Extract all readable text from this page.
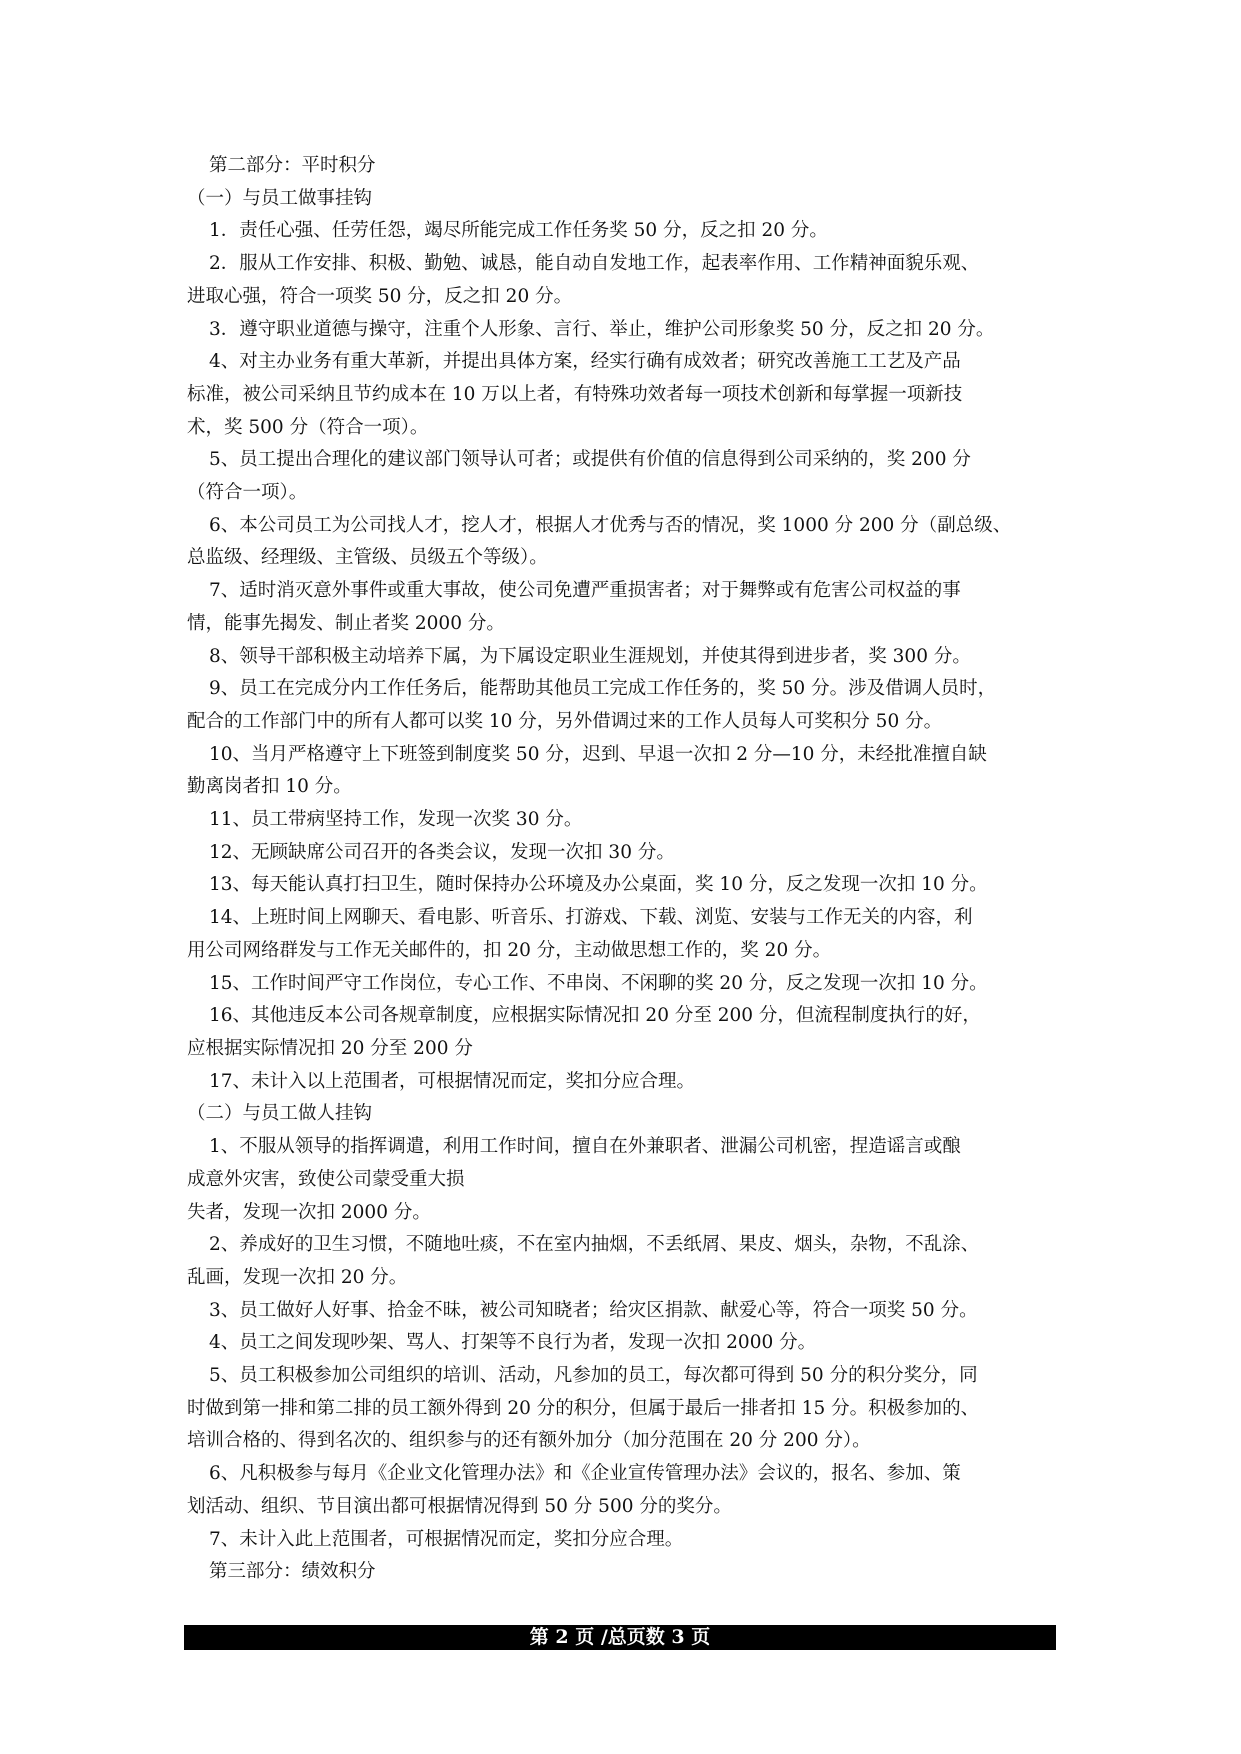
第二部分：平时积分

（一）与员工做事挂钩

1．责任心强、任劳任怨，竭尽所能完成工作任务奖 50 分，反之扣 20 分。

2．服从工作安排、积极、勤勉、诚恳，能自动自发地工作，起表率作用、工作精神面貌乐观、

进取心强，符合一项奖 50 分，反之扣 20 分。

3．遵守职业道德与操守，注重个人形象、言行、举止，维护公司形象奖 50 分，反之扣 20 分。

4、对主办业务有重大革新，并提出具体方案，经实行确有成效者；研究改善施工工艺及产品

标准，被公司采纳且节约成本在 10 万以上者，有特殊功效者每一项技术创新和每掌握一项新技

术，奖 500 分（符合一项）。

5、员工提出合理化的建议部门领导认可者；或提供有价值的信息得到公司采纳的，奖 200 分

（符合一项）。

6、本公司员工为公司找人才，挖人才，根据人才优秀与否的情况，奖 1000 分 200 分（副总级、

总监级、经理级、主管级、员级五个等级）。

7、适时消灭意外事件或重大事故，使公司免遭严重损害者；对于舞弊或有危害公司权益的事

情，能事先揭发、制止者奖 2000 分。

8、领导干部积极主动培养下属，为下属设定职业生涯规划，并使其得到进步者，奖 300 分。

9、员工在完成分内工作任务后，能帮助其他员工完成工作任务的，奖 50 分。涉及借调人员时，

配合的工作部门中的所有人都可以奖 10 分，另外借调过来的工作人员每人可奖积分 50 分。

10、当月严格遵守上下班签到制度奖 50 分，迟到、早退一次扣 2 分—10 分，未经批准擅自缺

勤离岗者扣 10 分。

11、员工带病坚持工作，发现一次奖 30 分。

12、无顾缺席公司召开的各类会议，发现一次扣 30 分。

13、每天能认真打扫卫生，随时保持办公环境及办公桌面，奖 10 分，反之发现一次扣 10 分。

14、上班时间上网聊天、看电影、听音乐、打游戏、下载、浏览、安装与工作无关的内容，利

用公司网络群发与工作无关邮件的，扣 20 分，主动做思想工作的，奖 20 分。

15、工作时间严守工作岗位，专心工作、不串岗、不闲聊的奖 20 分，反之发现一次扣 10 分。

16、其他违反本公司各规章制度，应根据实际情况扣 20 分至 200 分，但流程制度执行的好，

应根据实际情况扣 20 分至 200 分

17、未计入以上范围者，可根据情况而定，奖扣分应合理。

（二）与员工做人挂钩

1、不服从领导的指挥调遣，利用工作时间，擅自在外兼职者、泄漏公司机密，捏造谣言或酿

成意外灾害，致使公司蒙受重大损

失者，发现一次扣 2000 分。

2、养成好的卫生习惯，不随地吐痰，不在室内抽烟，不丢纸屑、果皮、烟头，杂物，不乱涂、

乱画，发现一次扣 20 分。

3、员工做好人好事、拾金不昧，被公司知晓者；给灾区捐款、献爱心等，符合一项奖 50 分。

4、员工之间发现吵架、骂人、打架等不良行为者，发现一次扣 2000 分。

5、员工积极参加公司组织的培训、活动，凡参加的员工，每次都可得到 50 分的积分奖分，同

时做到第一排和第二排的员工额外得到 20 分的积分，但属于最后一排者扣 15 分。积极参加的、

培训合格的、得到名次的、组织参与的还有额外加分（加分范围在 20 分 200 分）。

6、凡积极参与每月《企业文化管理办法》和《企业宣传管理办法》会议的，报名、参加、策

划活动、组织、节目演出都可根据情况得到 50 分 500 分的奖分。

7、未计入此上范围者，可根据情况而定，奖扣分应合理。

第三部分：绩效积分

第 2 页 /总页数 3 页
